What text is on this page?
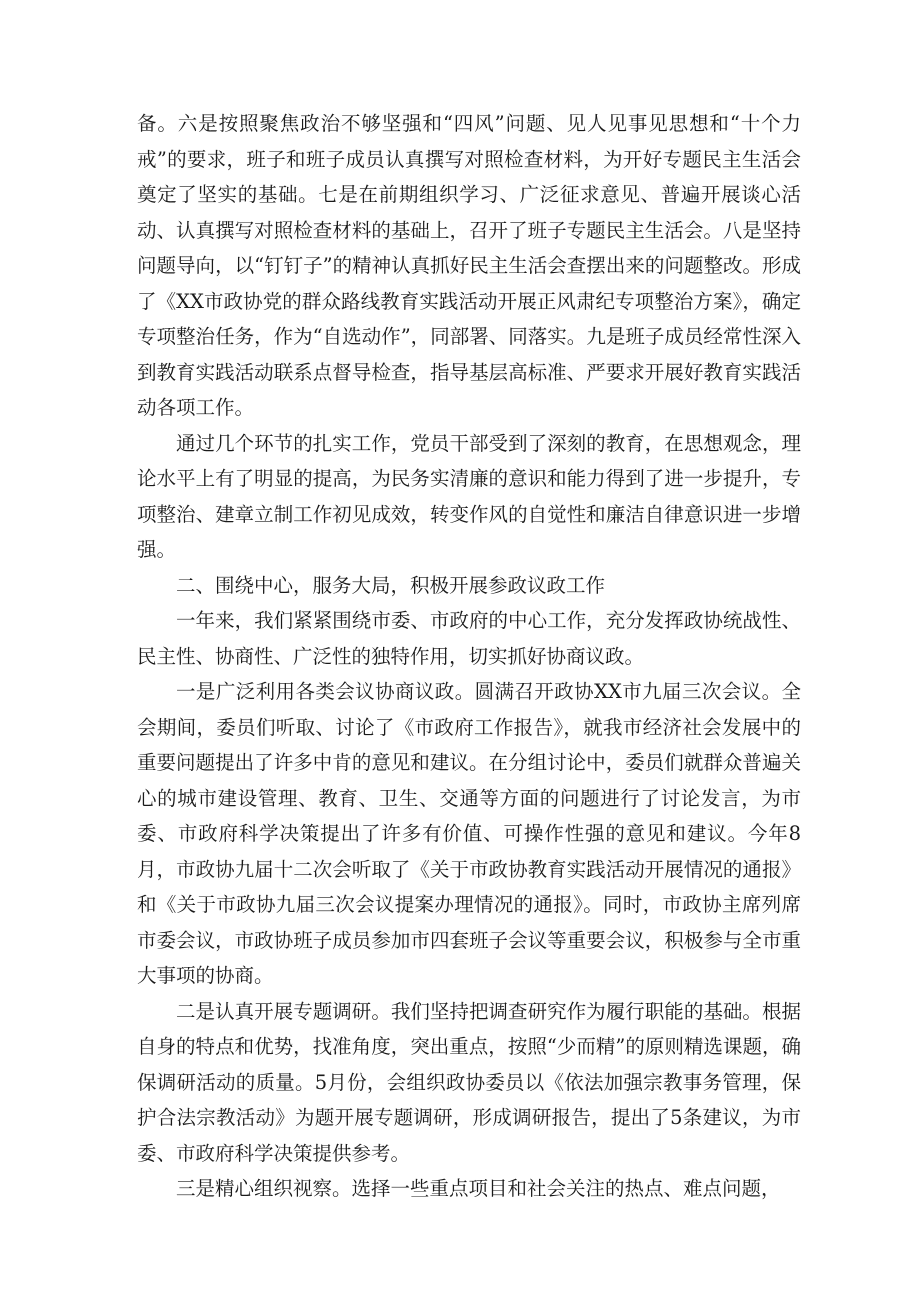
备。六是按照聚焦政治不够坚强和“四风”问题、见人见事见思想和“十个力戒”的要求，班子和班子成员认真撰写对照检查材料，为开好专题民主生活会奠定了坚实的基础。七是在前期组织学习、广泛征求意见、普遍开展谈心活动、认真撰写对照检查材料的基础上，召开了班子专题民主生活会。八是坚持问题导向，以“钉钉子”的精神认真抓好民主生活会查摆出来的问题整改。形成了《XX市政协党的群众路线教育实践活动开展正风肃纪专项整治方案》，确定专项整治任务，作为“自选动作”，同部署、同落实。九是班子成员经常性深入到教育实践活动联系点督导检查，指导基层高标准、严要求开展好教育实践活动各项工作。

通过几个环节的扎实工作，党员干部受到了深刻的教育，在思想观念，理论水平上有了明显的提高，为民务实清廉的意识和能力得到了进一步提升，专项整治、建章立制工作初见成效，转变作风的自觉性和廉洁自律意识进一步增强。

二、围绕中心，服务大局，积极开展参政议政工作

一年来，我们紧紧围绕市委、市政府的中心工作，充分发挥政协统战性、民主性、协商性、广泛性的独特作用，切实抓好协商议政。

一是广泛利用各类会议协商议政。圆满召开政协XX市九届三次会议。全会期间，委员们听取、讨论了《市政府工作报告》，就我市经济社会发展中的重要问题提出了许多中肯的意见和建议。在分组讨论中，委员们就群众普遍关心的城市建设管理、教育、卫生、交通等方面的问题进行了讨论发言，为市委、市政府科学决策提出了许多有价值、可操作性强的意见和建议。今年8月，市政协九届十二次会听取了《关于市政协教育实践活动开展情况的通报》和《关于市政协九届三次会议提案办理情况的通报》。同时，市政协主席列席市委会议，市政协班子成员参加市四套班子会议等重要会议，积极参与全市重大事项的协商。

二是认真开展专题调研。我们坚持把调查研究作为履行职能的基础。根据自身的特点和优势，找准角度，突出重点，按照“少而精”的原则精选课题，确保调研活动的质量。5月份，会组织政协委员以《依法加强宗教事务管理，保护合法宗教活动》为题开展专题调研，形成调研报告，提出了5条建议，为市委、市政府科学决策提供参考。

三是精心组织视察。选择一些重点项目和社会关注的热点、难点问题，
